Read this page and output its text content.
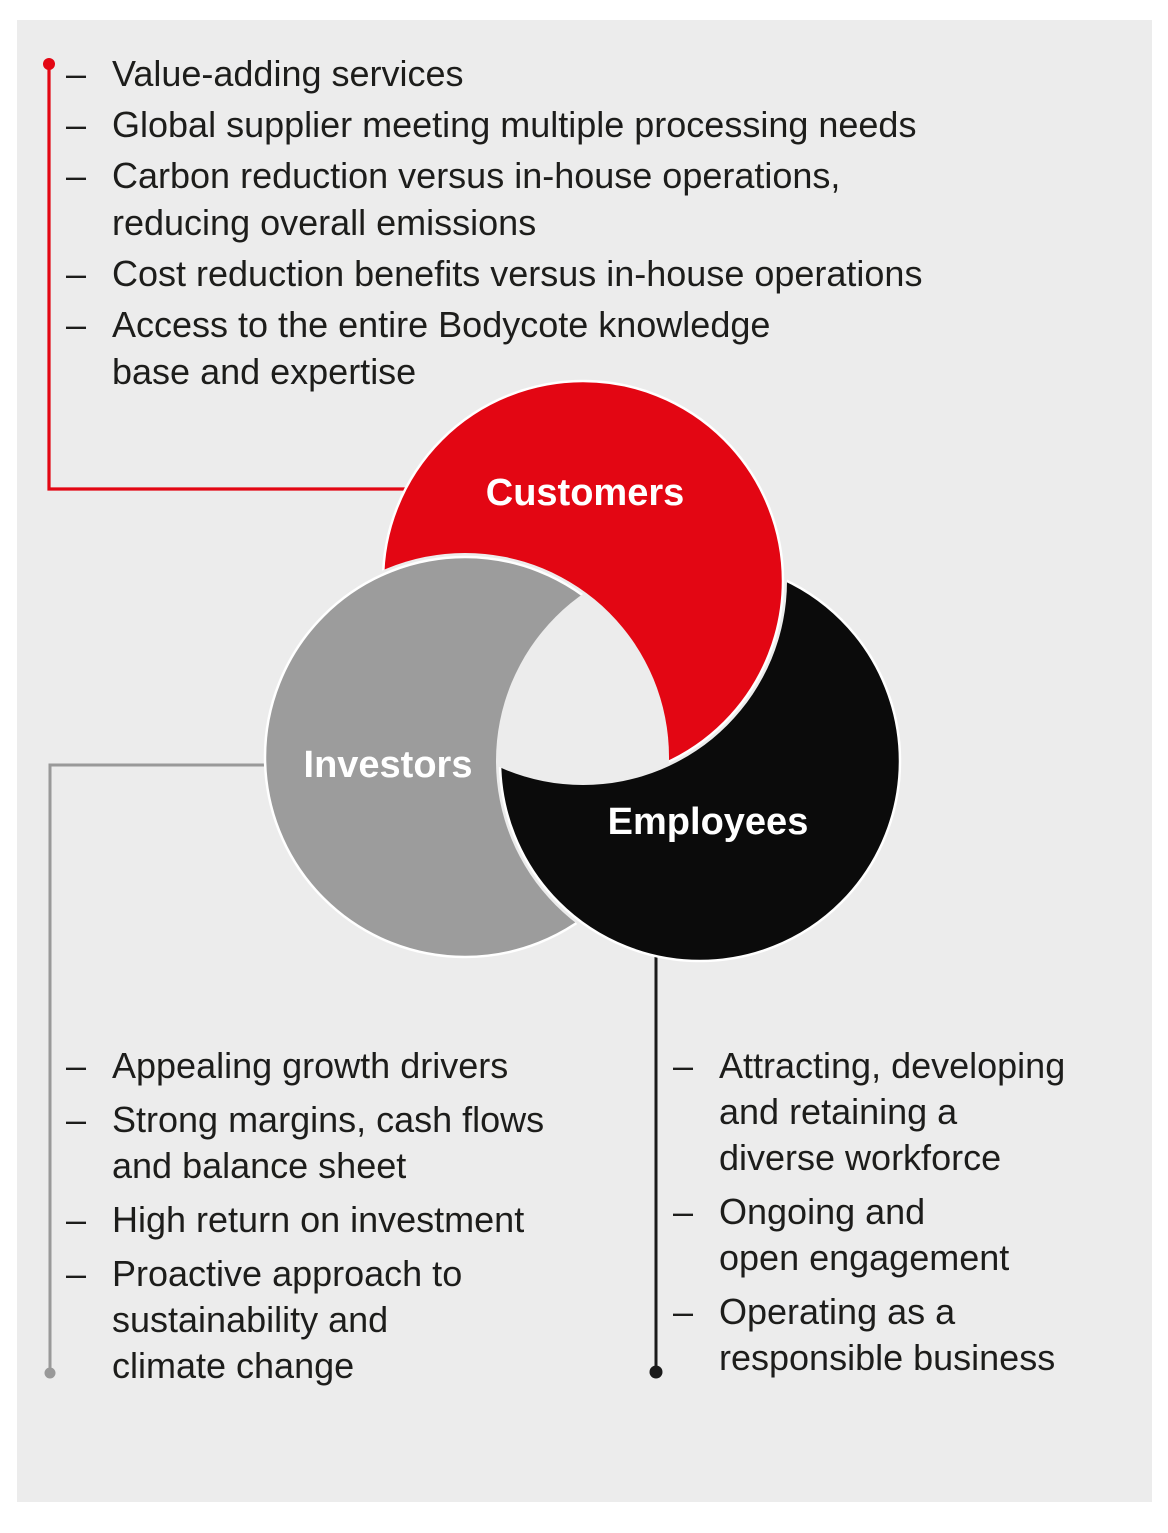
Customers
Investors
Employees
– Value-adding services
– Global supplier meeting multiple processing needs
– Carbon reduction versus in-house operations,
reducing overall emissions
– Cost reduction benefits versus in-house operations
– Access to the entire Bodycote knowledge
base and expertise
– Appealing growth drivers
– Strong margins, cash flows
and balance sheet
– High return on investment
– Proactive approach to
sustainability and
climate change
– Attracting, developing
and retaining a
diverse workforce
– Ongoing and
open engagement
– Operating as a
responsible business
